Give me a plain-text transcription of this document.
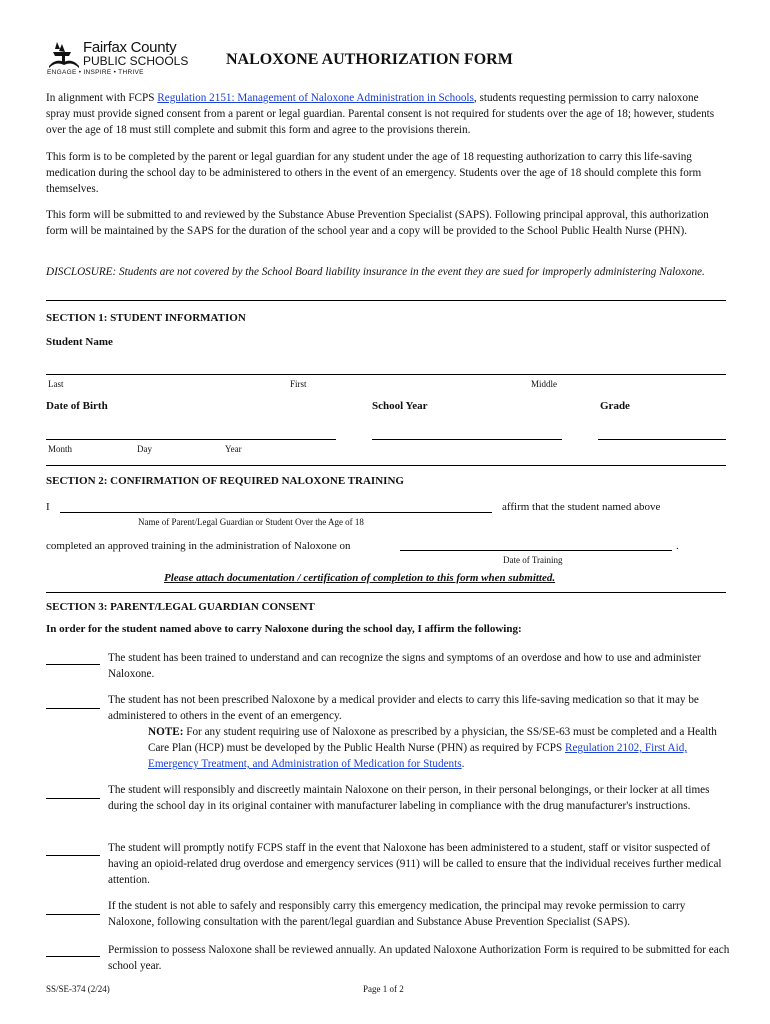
Fairfax County
PUBLIC SCHOOLS
ENGAGE • INSPIRE • THRIVE
NALOXONE AUTHORIZATION FORM
In alignment with FCPS Regulation 2151: Management of Naloxone Administration in Schools, students requesting permission to carry naloxone spray must provide signed consent from a parent or legal guardian. Parental consent is not required for students over the age of 18; however, students over the age of 18 must still complete and submit this form and agree to the provisions therein.
This form is to be completed by the parent or legal guardian for any student under the age of 18 requesting authorization to carry this life-saving medication during the school day to be administered to others in the event of an emergency. Students over the age of 18 should complete this form themselves.
This form will be submitted to and reviewed by the Substance Abuse Prevention Specialist (SAPS). Following principal approval, this authorization form will be maintained by the SAPS for the duration of the school year and a copy will be provided to the School Public Health Nurse (PHN).
DISCLOSURE: Students are not covered by the School Board liability insurance in the event they are sued for improperly administering Naloxone.
SECTION 1: STUDENT INFORMATION
Student Name
Last	First	Middle
Date of Birth	School Year	Grade
Month	Day	Year
SECTION 2: CONFIRMATION OF REQUIRED NALOXONE TRAINING
I	affirm that the student named above
Name of Parent/Legal Guardian or Student Over the Age of 18
completed an approved training in the administration of Naloxone on	.
Date of Training
Please attach documentation / certification of completion to this form when submitted.
SECTION 3: PARENT/LEGAL GUARDIAN CONSENT
In order for the student named above to carry Naloxone during the school day, I affirm the following:
The student has been trained to understand and can recognize the signs and symptoms of an overdose and how to use and administer Naloxone.
The student has not been prescribed Naloxone by a medical provider and elects to carry this life-saving medication so that it may be administered to others in the event of an emergency.
NOTE: For any student requiring use of Naloxone as prescribed by a physician, the SS/SE-63 must be completed and a Health Care Plan (HCP) must be developed by the Public Health Nurse (PHN) as required by FCPS Regulation 2102, First Aid, Emergency Treatment, and Administration of Medication for Students.
The student will responsibly and discreetly maintain Naloxone on their person, in their personal belongings, or their locker at all times during the school day in its original container with manufacturer labeling in compliance with the drug manufacturer's instructions.
The student will promptly notify FCPS staff in the event that Naloxone has been administered to a student, staff or visitor suspected of having an opioid-related drug overdose and emergency services (911) will be called to ensure that the individual receives further medical attention.
If the student is not able to safely and responsibly carry this emergency medication, the principal may revoke permission to carry Naloxone, following consultation with the parent/legal guardian and Substance Abuse Prevention Specialist (SAPS).
Permission to possess Naloxone shall be reviewed annually. An updated Naloxone Authorization Form is required to be submitted for each school year.
SS/SE-374 (2/24)	Page 1 of 2
